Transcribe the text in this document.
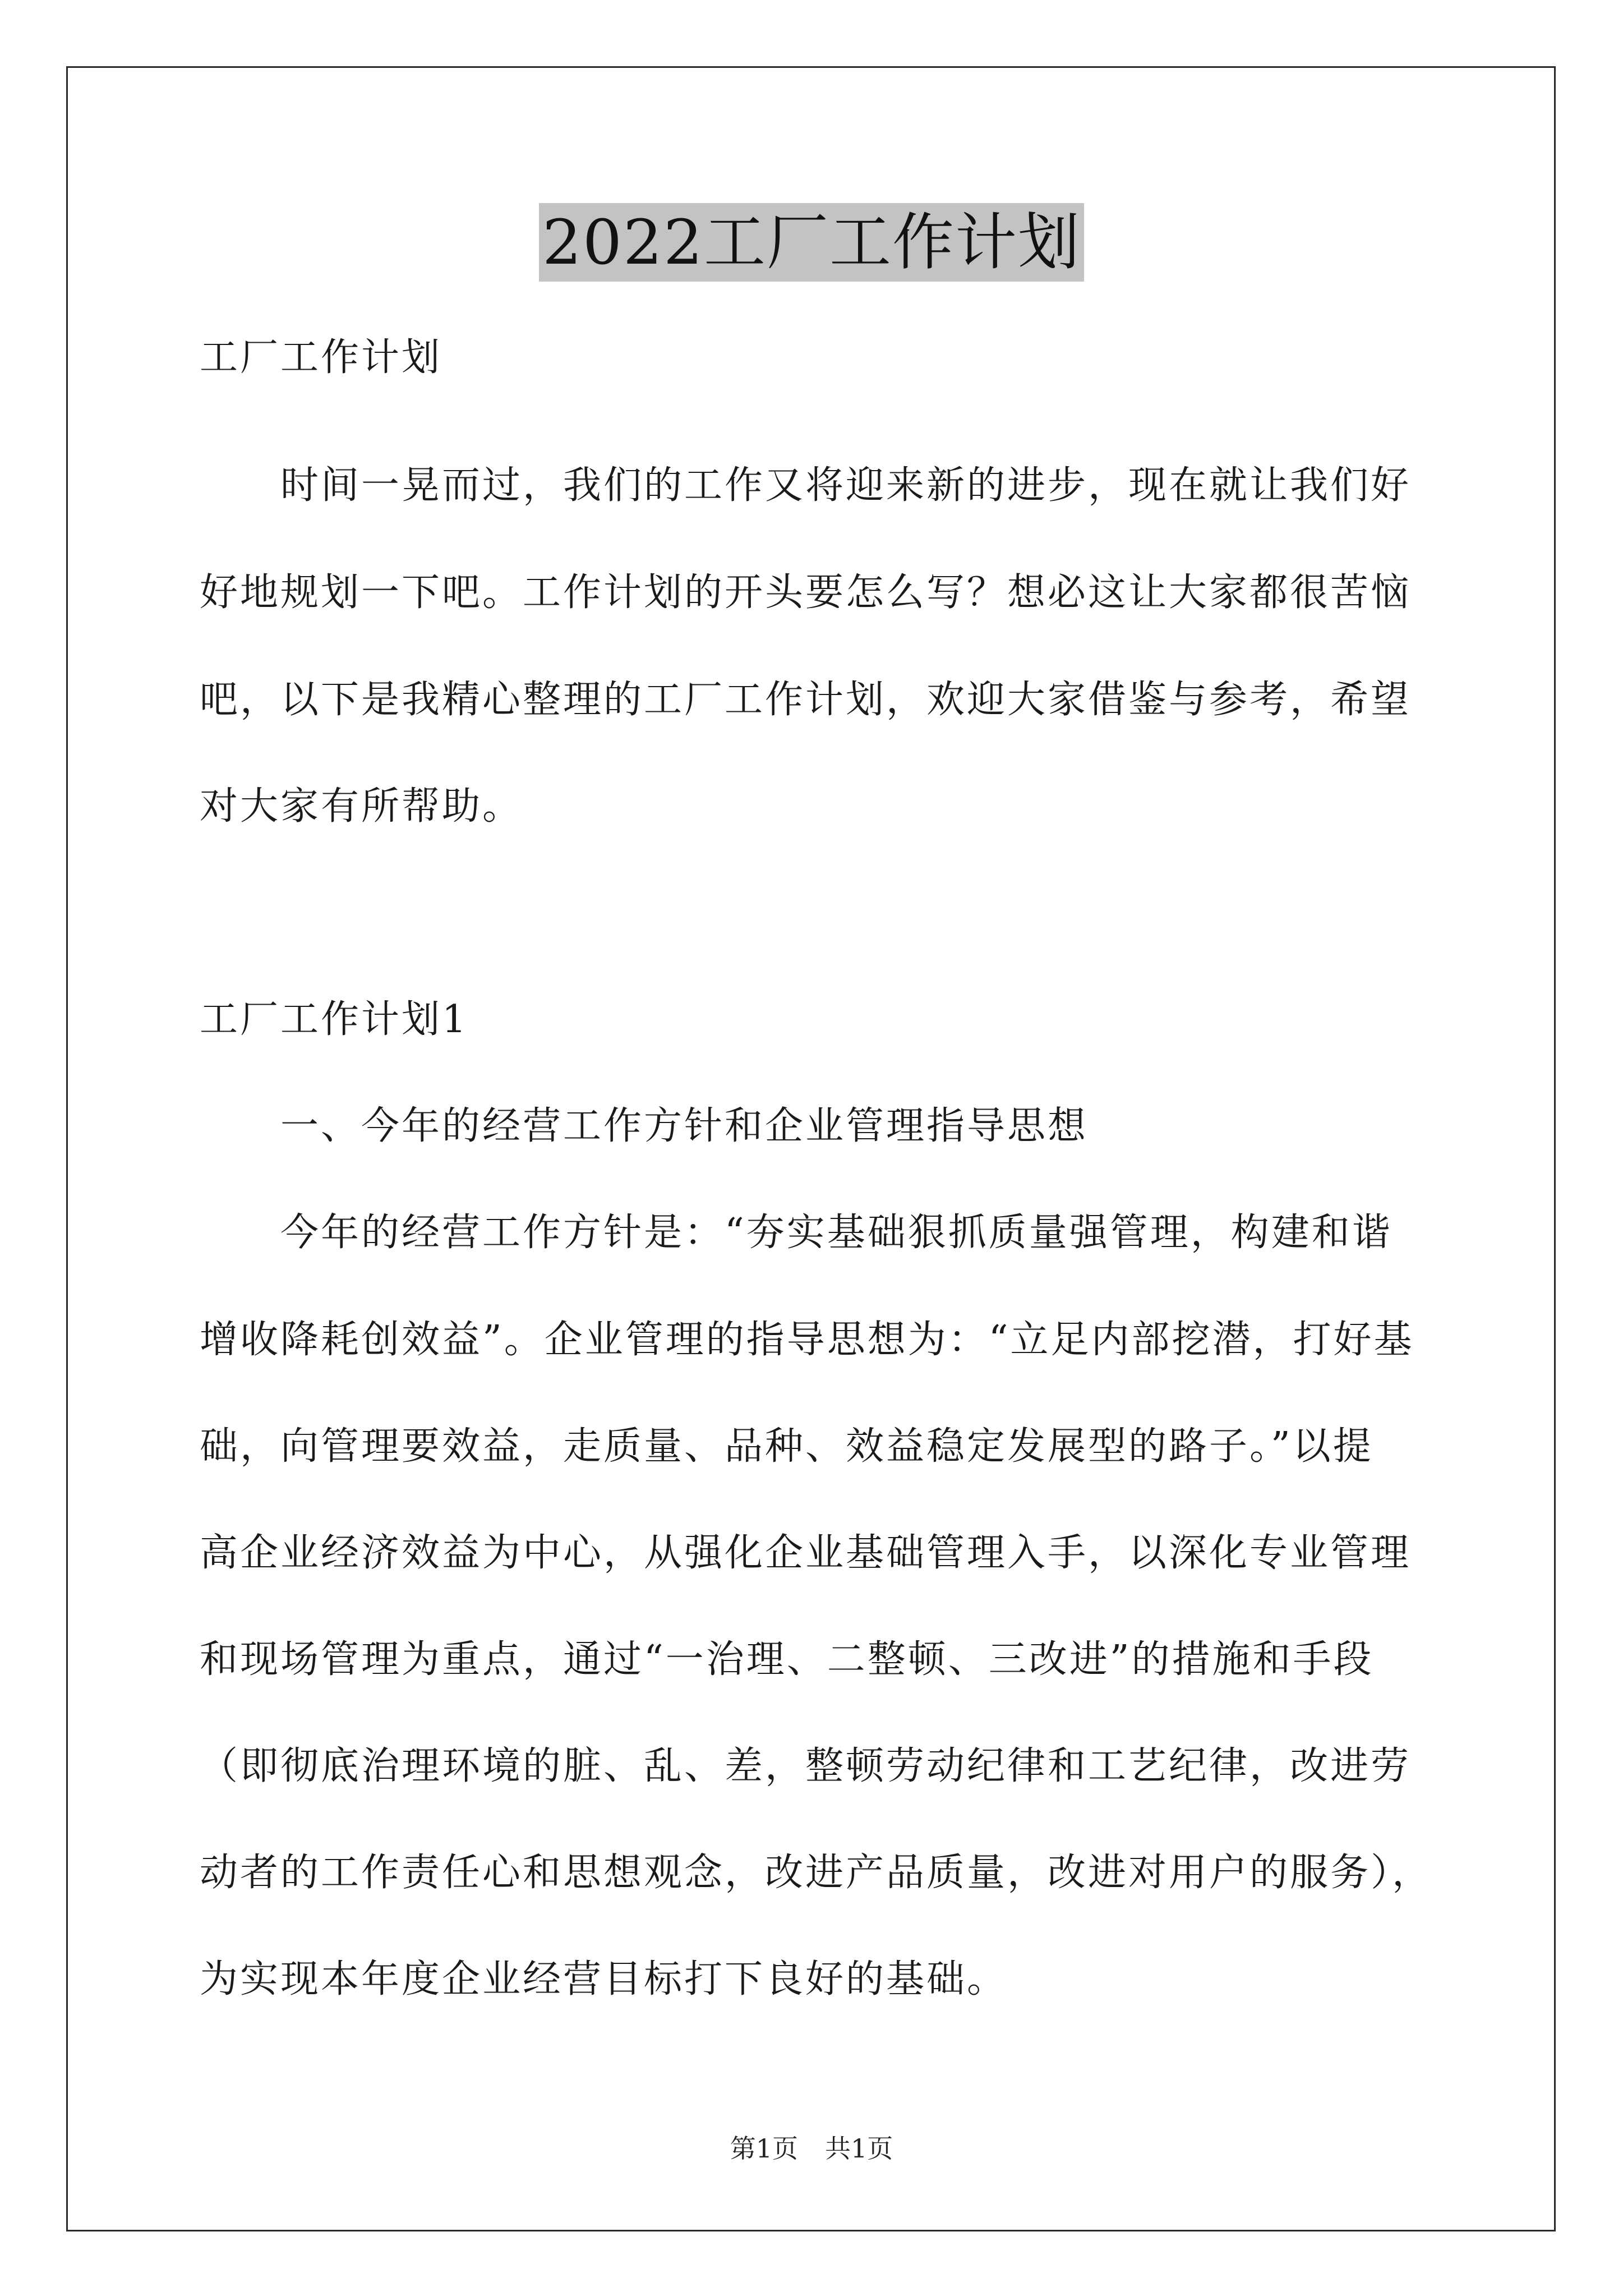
2022工厂工作计划
工厂工作计划
　　时间一晃而过，我们的工作又将迎来新的进步，现在就让我们好
好地规划一下吧。工作计划的开头要怎么写？想必这让大家都很苦恼
吧，以下是我精心整理的工厂工作计划，欢迎大家借鉴与参考，希望
对大家有所帮助。
工厂工作计划1
　　一、今年的经营工作方针和企业管理指导思想
　　今年的经营工作方针是：“夯实基础狠抓质量强管理，构建和谐
增收降耗创效益”。企业管理的指导思想为：“立足内部挖潜，打好基
础，向管理要效益，走质量、品种、效益稳定发展型的路子。”以提
高企业经济效益为中心，从强化企业基础管理入手，以深化专业管理
和现场管理为重点，通过“一治理、二整顿、三改进”的措施和手段
（即彻底治理环境的脏、乱、差，整顿劳动纪律和工艺纪律，改进劳
动者的工作责任心和思想观念，改进产品质量，改进对用户的服务），
为实现本年度企业经营目标打下良好的基础。
第1页 共1页
